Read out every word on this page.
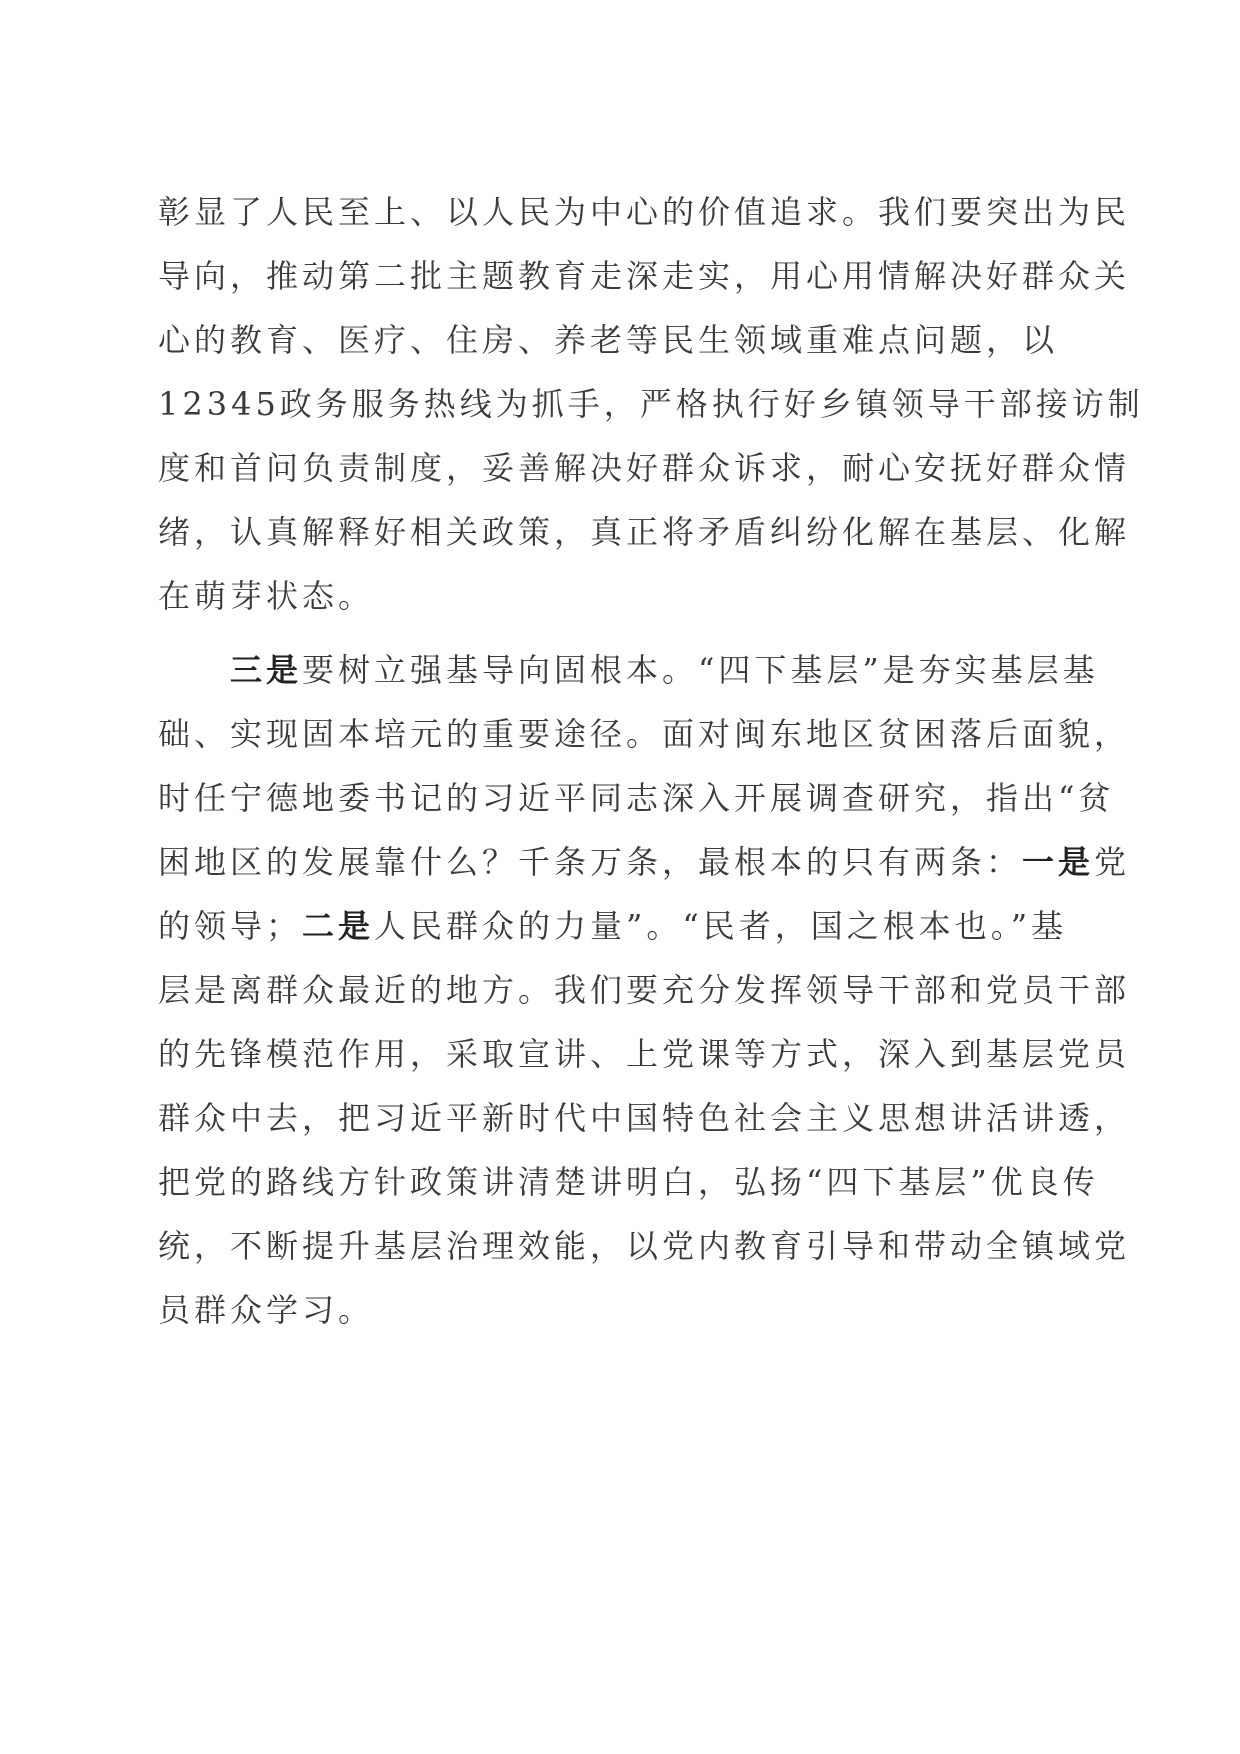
彰显了人民至上、以人民为中心的价值追求。我们要突出为民
导向，推动第二批主题教育走深走实，用心用情解决好群众关
心的教育、医疗、住房、养老等民生领域重难点问题，以
12345政务服务热线为抓手，严格执行好乡镇领导干部接访制
度和首问负责制度，妥善解决好群众诉求，耐心安抚好群众情
绪，认真解释好相关政策，真正将矛盾纠纷化解在基层、化解
在萌芽状态。
三是要树立强基导向固根本。“四下基层”是夯实基层基
础、实现固本培元的重要途径。面对闽东地区贫困落后面貌，
时任宁德地委书记的习近平同志深入开展调查研究，指出“贫
困地区的发展靠什么？千条万条，最根本的只有两条：一是党
的领导；二是人民群众的力量”。“民者，国之根本也。”基
层是离群众最近的地方。我们要充分发挥领导干部和党员干部
的先锋模范作用，采取宣讲、上党课等方式，深入到基层党员
群众中去，把习近平新时代中国特色社会主义思想讲活讲透，
把党的路线方针政策讲清楚讲明白，弘扬“四下基层”优良传
统，不断提升基层治理效能，以党内教育引导和带动全镇域党
员群众学习。
